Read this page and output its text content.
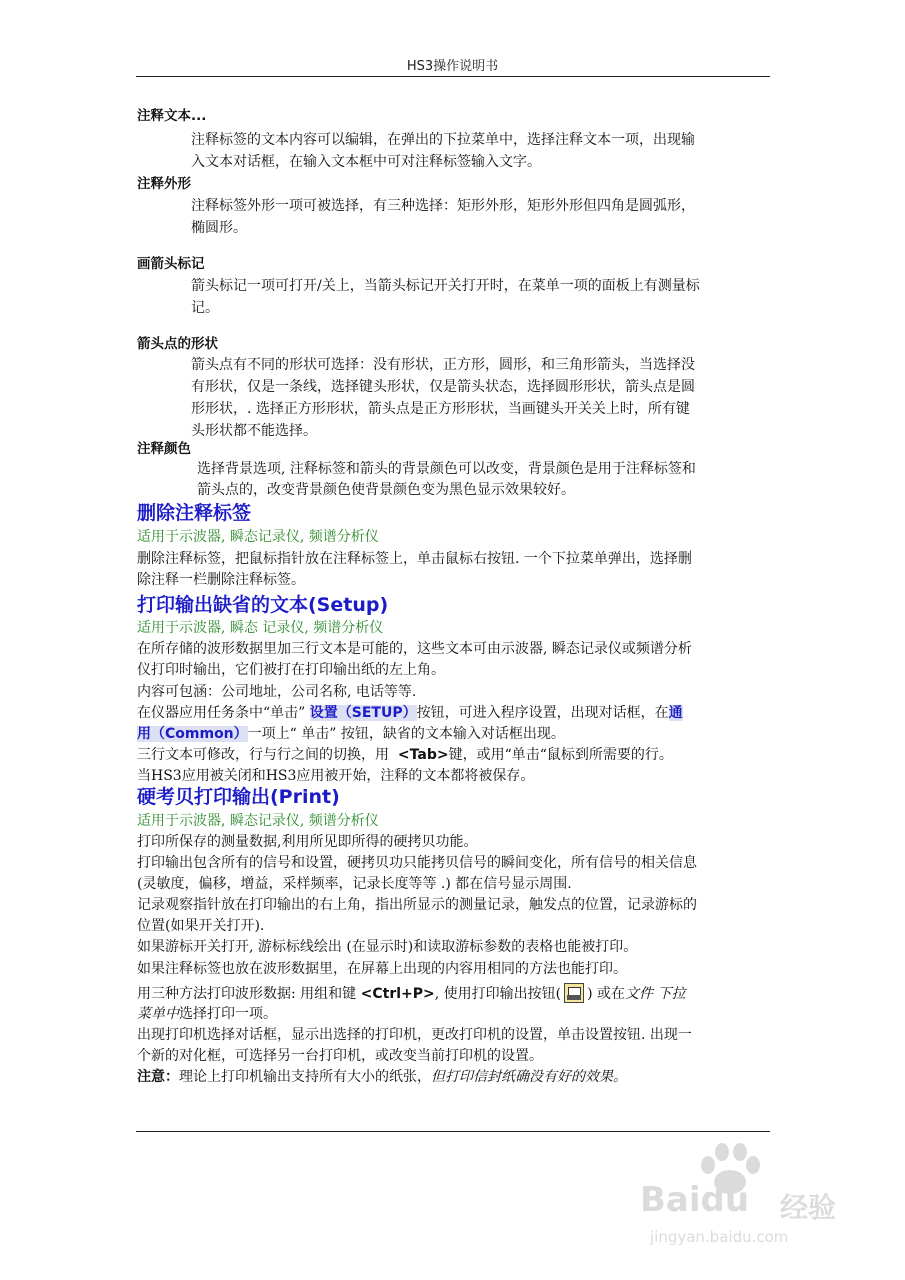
HS3操作说明书
注释文本...
注释标签的文本内容可以编辑，在弹出的下拉菜单中，选择注释文本一项，出现输
入文本对话框，在输入文本框中可对注释标签输入文字。
注释外形
注释标签外形一项可被选择，有三种选择：矩形外形，矩形外形但四角是圆弧形，
椭圆形。
画箭头标记
箭头标记一项可打开/关上，当箭头标记开关打开时，在菜单一项的面板上有测量标
记。
箭头点的形状
箭头点有不同的形状可选择：没有形状，正方形，圆形，和三角形箭头，当选择没
有形状，仅是一条线，选择键头形状，仅是箭头状态，选择圆形形状，箭头点是圆
形形状，. 选择正方形形状，箭头点是正方形形状，当画键头开关关上时，所有键
头形状都不能选择。
注释颜色
选择背景选项, 注释标签和箭头的背景颜色可以改变，背景颜色是用于注释标签和
箭头点的，改变背景颜色使背景颜色变为黑色显示效果较好。
删除注释标签
适用于示波器, 瞬态记录仪, 频谱分析仪
删除注释标签，把鼠标指针放在注释标签上，单击鼠标右按钮. 一个下拉菜单弹出，选择删
除注释一栏删除注释标签。
打印输出缺省的文本(Setup)
适用于示波器, 瞬态 记录仪, 频谱分析仪
在所存储的波形数据里加三行文本是可能的，这些文本可由示波器, 瞬态记录仪或频谱分析
仪打印时输出，它们被打在打印输出纸的左上角。
内容可包涵：公司地址，公司名称, 电话等等.
在仪器应用任务条中“单击” 设置（SETUP）按钮，可进入程序设置，出现对话框，在通
用（Common）一项上“ 单击” 按钮，缺省的文本输入对话框出现。
三行文本可修改，行与行之间的切换，用 <Tab>键，或用“单击“鼠标到所需要的行。
当HS3应用被关闭和HS3应用被开始，注释的文本都将被保存。
硬考贝打印输出(Print)
适用于示波器, 瞬态记录仪, 频谱分析仪
打印所保存的测量数据,利用所见即所得的硬拷贝功能。
打印输出包含所有的信号和设置，硬拷贝功只能拷贝信号的瞬间变化，所有信号的相关信息
(灵敏度，偏移，增益，采样频率，记录长度等等 .) 都在信号显示周围.
记录观察指针放在打印输出的右上角，指出所显示的测量记录，触发点的位置，记录游标的
位置(如果开关打开).
如果游标开关打开, 游标标线绘出 (在显示时)和读取游标参数的表格也能被打印。
如果注释标签也放在波形数据里，在屏幕上出现的内容用相同的方法也能打印。
用三种方法打印波形数据: 用组和键 <Ctrl+P>, 使用打印输出按钮( ) 或在文件 下拉
菜单中选择打印一项。
出现打印机选择对话框，显示出选择的打印机，更改打印机的设置，单击设置按钮. 出现一
个新的对化框，可选择另一台打印机，或改变当前打印机的设置。
注意：理论上打印机输出支持所有大小的纸张，但打印信封纸确没有好的效果。
Baidu 经验
jingyan.baidu.com
